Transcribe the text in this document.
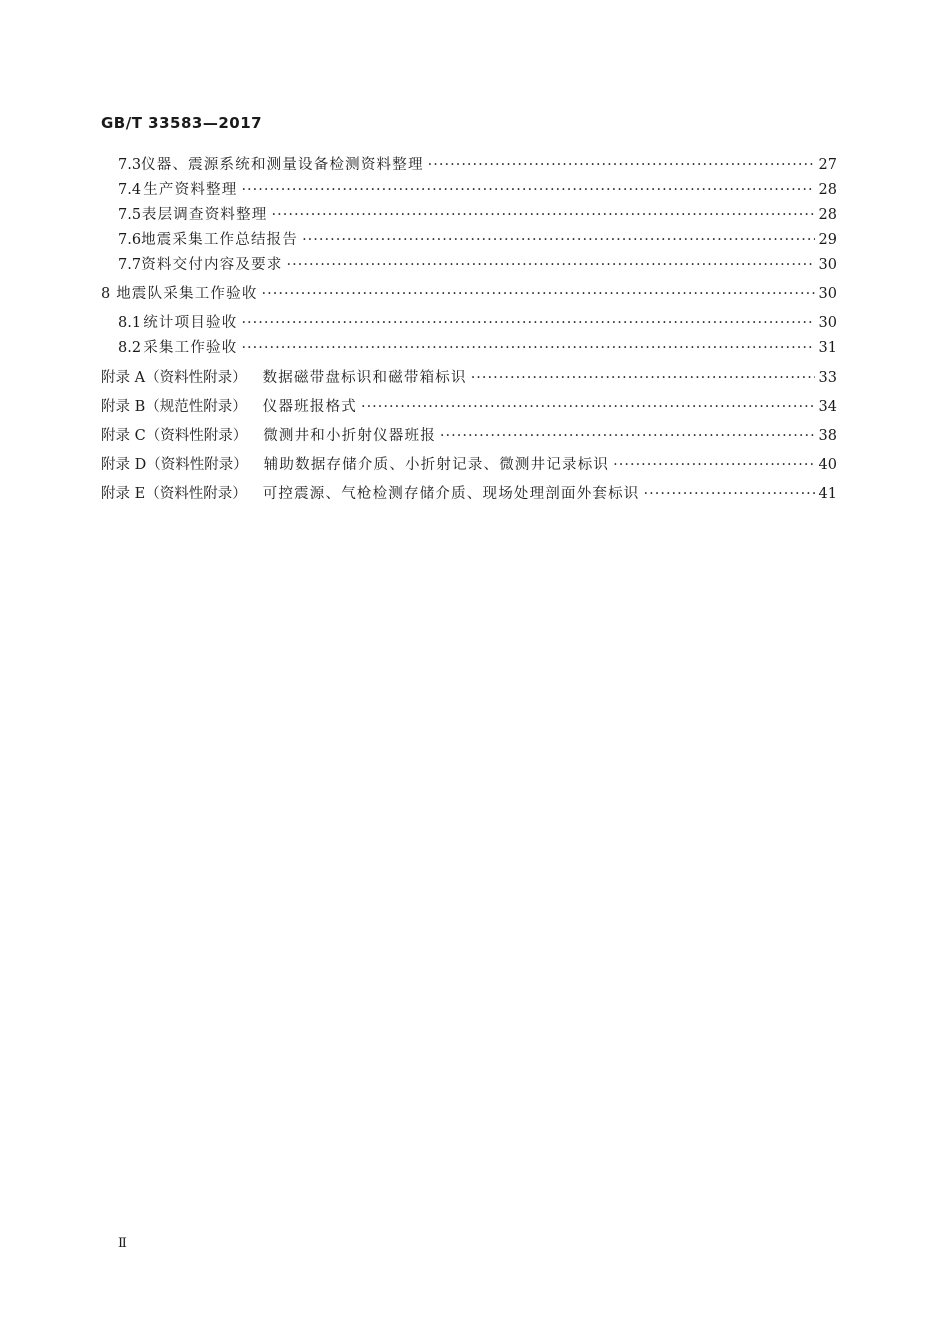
GB/T 33583—2017
7.3 仪器、震源系统和测量设备检测资料整理 ·····	27
7.4 生产资料整理 ·····	28
7.5 表层调查资料整理 ·····	28
7.6 地震采集工作总结报告 ·····	29
7.7 资料交付内容及要求 ·····	30
8 地震队采集工作验收 ·····	30
8.1 统计项目验收 ·····	30
8.2 采集工作验收 ·····	31
附录 A（资料性附录） 数据磁带盘标识和磁带箱标识 ·····	33
附录 B（规范性附录） 仪器班报格式 ·····	34
附录 C（资料性附录） 微测井和小折射仪器班报 ·····	38
附录 D（资料性附录） 辅助数据存储介质、小折射记录、微测井记录标识 ·····	40
附录 E（资料性附录） 可控震源、气枪检测存储介质、现场处理剖面外套标识 ·····	41
Ⅱ
